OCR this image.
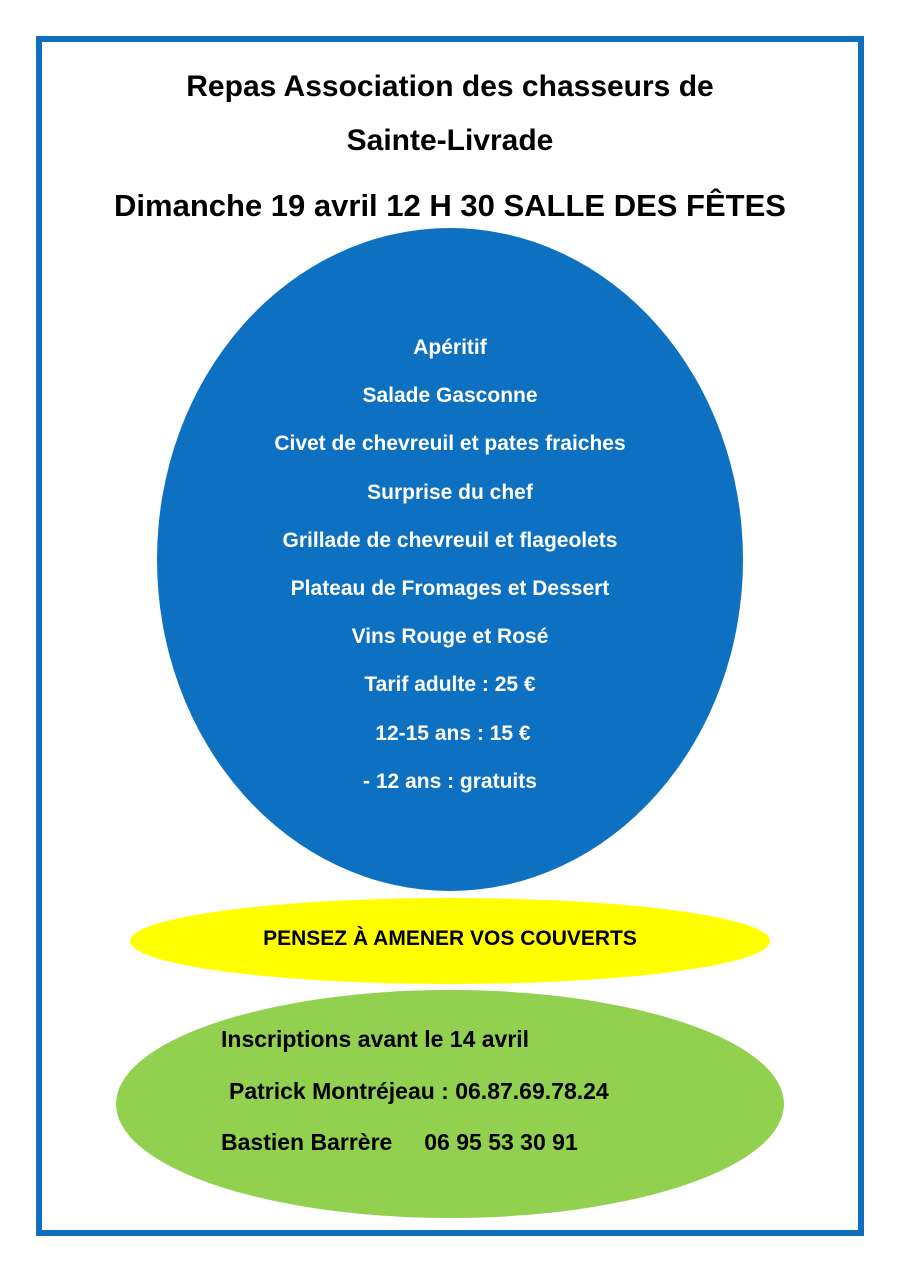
Repas Association des chasseurs de
Sainte-Livrade
Dimanche 19 avril 12 H 30 SALLE DES FÊTES
Apéritif
Salade Gasconne
Civet de chevreuil et pates fraiches
Surprise du chef
Grillade de chevreuil et flageolets
Plateau de Fromages et Dessert
Vins Rouge et Rosé
Tarif adulte : 25 €
12-15 ans : 15 €
- 12 ans : gratuits
PENSEZ À AMENER VOS COUVERTS

Inscriptions avant le 14 avril

Patrick Montréjeau : 06.87.69.78.24

Bastien Barrère     06 95 53 30 91
